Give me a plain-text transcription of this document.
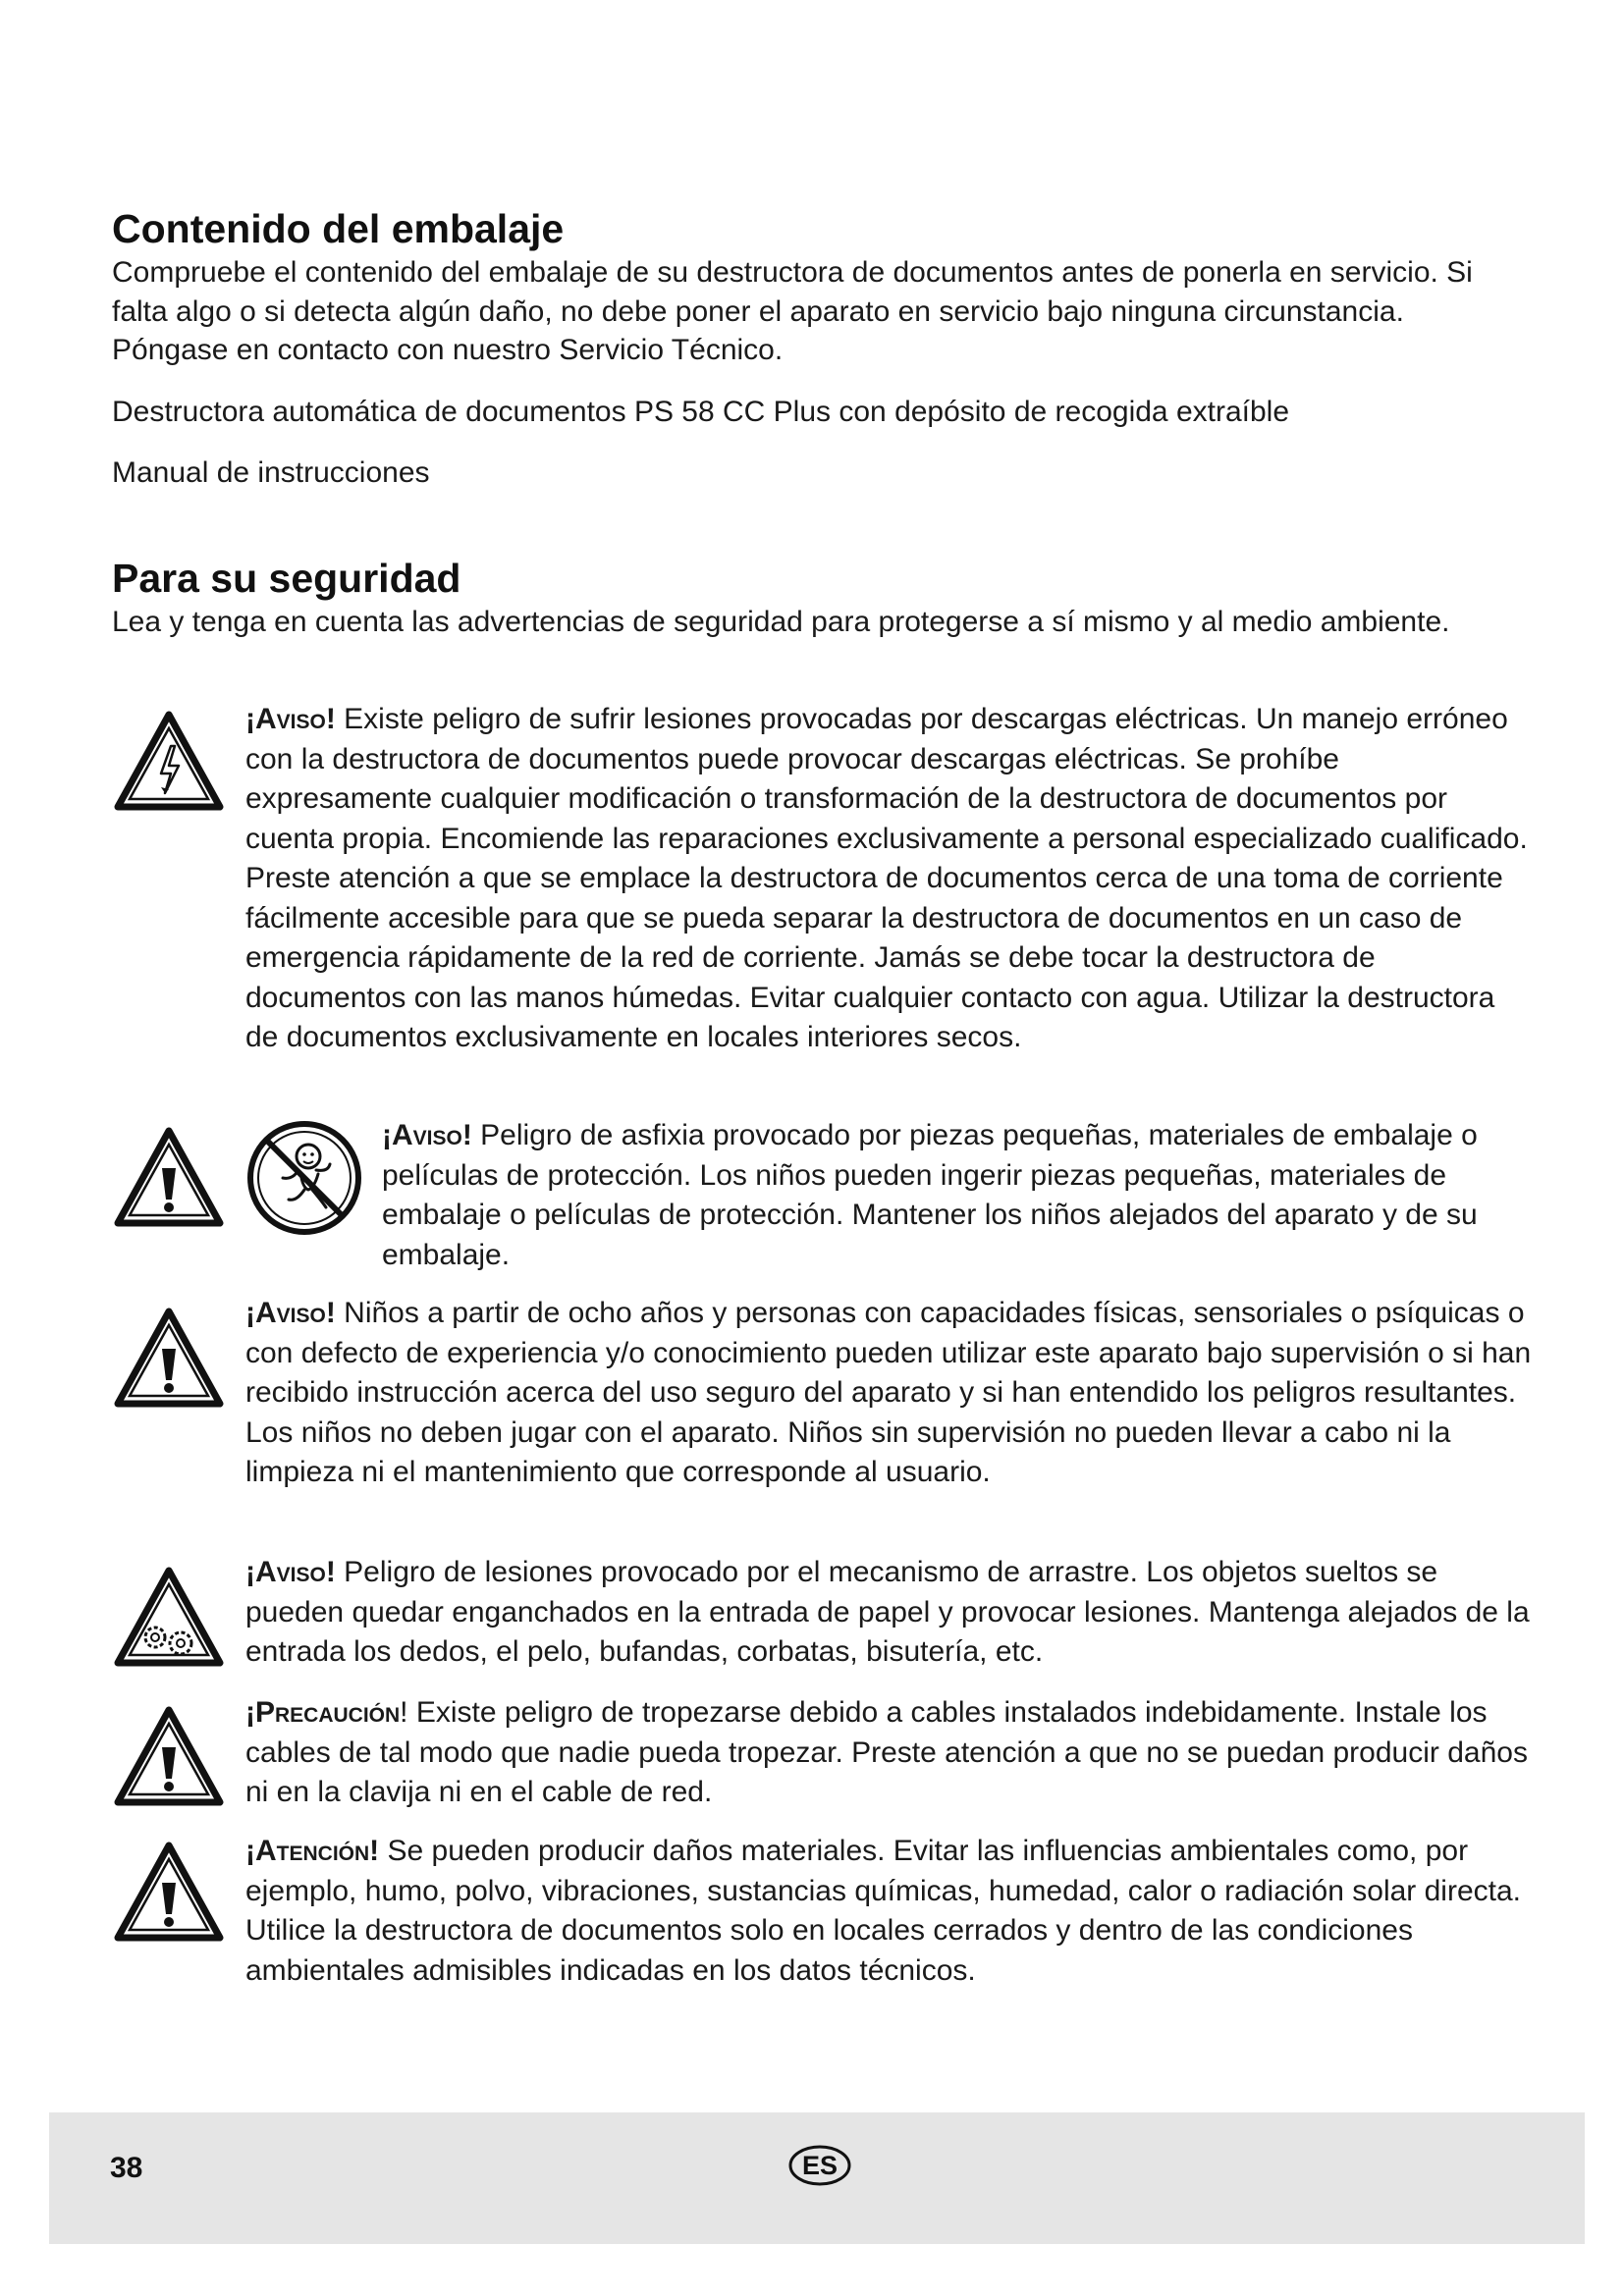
Contenido del embalaje

Compruebe el contenido del embalaje de su destructora de documentos antes de ponerla en servicio. Si falta algo o si detecta algún daño, no debe poner el aparato en servicio bajo ninguna circunstancia. Póngase en contacto con nuestro Servicio Técnico.

Destructora automática de documentos PS 58 CC Plus con depósito de recogida extraíble

Manual de instrucciones

Para su seguridad

Lea y tenga en cuenta las advertencias de seguridad para protegerse a sí mismo y al medio ambiente.

¡Aviso! Existe peligro de sufrir lesiones provocadas por descargas eléctricas. Un manejo erróneo con la destructora de documentos puede provocar descargas eléctricas. Se prohíbe expresamente cualquier modificación o transformación de la destructora de documentos por cuenta propia. Encomiende las reparaciones exclusivamente a personal especializado cualificado. Preste atención a que se emplace la destructora de documentos cerca de una toma de corriente fácilmente accesible para que se pueda separar la destructora de documentos en un caso de emergencia rápidamente de la red de corriente. Jamás se debe tocar la destructora de documentos con las manos húmedas. Evitar cualquier contacto con agua. Utilizar la destructora de documentos exclusivamente en locales interiores secos.

¡Aviso! Peligro de asfixia provocado por piezas pequeñas, materiales de embalaje o películas de protección. Los niños pueden ingerir piezas pequeñas, materiales de embalaje o películas de protección. Mantener los niños alejados del aparato y de su embalaje.

¡Aviso! Niños a partir de ocho años y personas con capacidades físicas, sensoriales o psíquicas o con defecto de experiencia y/o conocimiento pueden utilizar este aparato bajo supervisión o si han recibido instrucción acerca del uso seguro del aparato y si han entendido los peligros resultantes. Los niños no deben jugar con el aparato. Niños sin supervisión no pueden llevar a cabo ni la limpieza ni el mantenimiento que corresponde al usuario.

¡Aviso! Peligro de lesiones provocado por el mecanismo de arrastre. Los objetos sueltos se pueden quedar enganchados en la entrada de papel y provocar lesiones. Mantenga alejados de la entrada los dedos, el pelo, bufandas, corbatas, bisutería, etc.

¡Precaución! Existe peligro de tropezarse debido a cables instalados indebidamente. Instale los cables de tal modo que nadie pueda tropezar. Preste atención a que no se puedan producir daños ni en la clavija ni en el cable de red.

¡Atención! Se pueden producir daños materiales. Evitar las influencias ambientales como, por ejemplo, humo, polvo, vibraciones, sustancias químicas, humedad, calor o radiación solar directa. Utilice la destructora de documentos solo en locales cerrados y dentro de las condiciones ambientales admisibles indicadas en los datos técnicos.

38	ES
